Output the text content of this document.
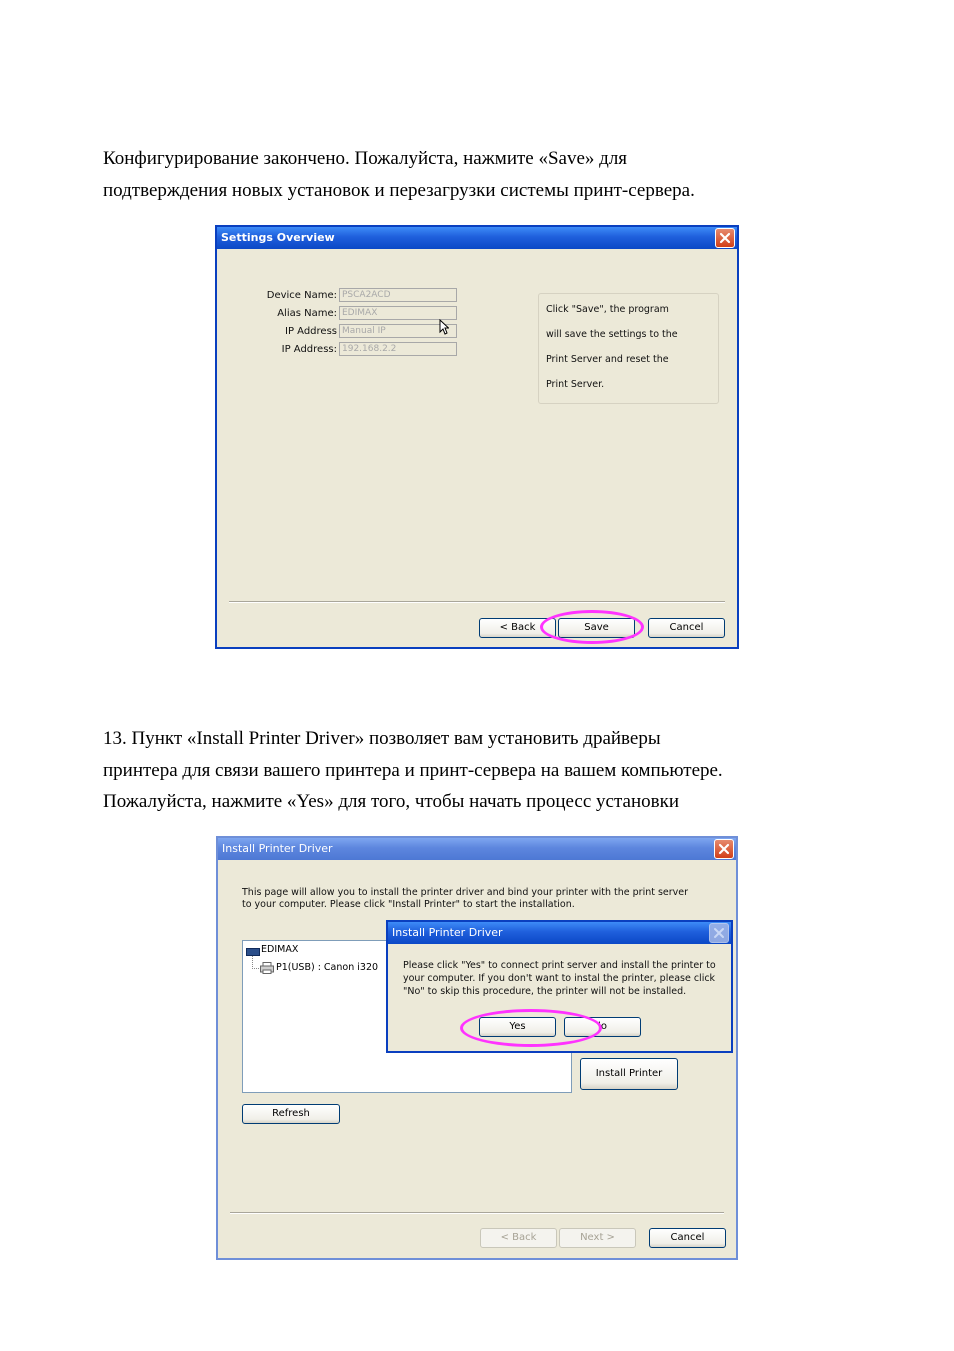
Конфигурирование закончено. Пожалуйста, нажмите «Save» для
подтверждения новых установок и перезагрузки системы принт-сервера.
Settings Overview
Device Name: PSCA2ACD
Alias Name: EDIMAX
IP Address Manual IP
IP Address: 192.168.2.2
Click "Save", the program
will save the settings to the
Print Server and reset the
Print Server.
< Back	Save	Cancel
13. Пункт «Install Printer Driver» позволяет вам установить драйверы
принтера для связи вашего принтера и принт-сервера на вашем компьютере.
Пожалуйста, нажмите «Yes» для того, чтобы начать процесс установки
Install Printer Driver
This page will allow you to install the printer driver and bind your printer with the print server
to your computer. Please click "Install Printer" to start the installation.
EDIMAX
P1(USB) : Canon i320
Install Printer
Refresh
< Back	Next >	Cancel
Install Printer Driver
Please click "Yes" to connect print server and install the printer to
your computer. If you don't want to instal the printer, please click
"No" to skip this procedure, the printer will not be installed.
Yes	lo
